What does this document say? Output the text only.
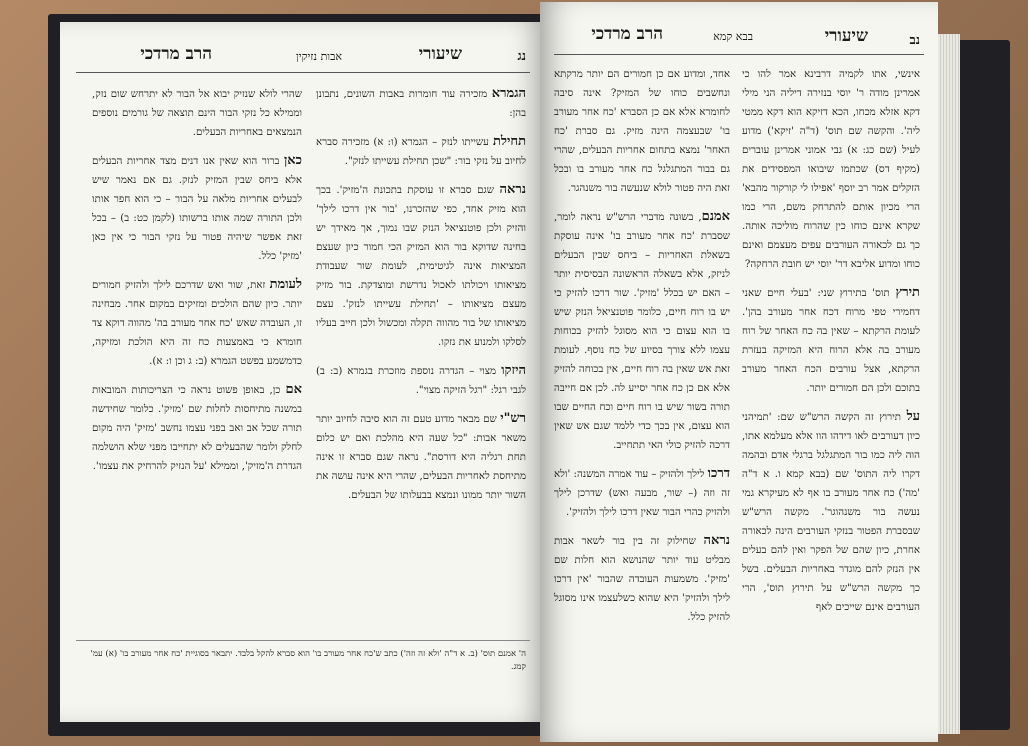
נג
שיעורי
אבות נזיקין
הרב מרדכי

הגמרא מזכירה עוד חומרות באבות השונים, נתבונן בהן:

תחילת עשייתו לנזק – הגמרא (ו: א) מזכירה סברא לחיוב על נזקי בור: "שכן תחילת עשייתו לנזק".

נראה שגם סברא זו עוסקת בתכונת ה'מזיק'. בכך הוא מזיק אחד, כפי שהזכרנו, 'בור אין דרכו לילך' והזיק ולכן פוטנציאל הנזק שבו נמוך, אך מאידך יש בחינה שדוקא בור הוא המזיק הכי חמור כיון שעצם המציאות אינה לגיטימית, לעומת שור שעבודת מציאותו ויכולתו לאכול נדרשת ומוצדקת. בור מזיק מעצם מציאותו – 'תחילת עשייתו לנזק'. עצם מציאותו של בור מהווה תקלה ומכשול ולכן חייב בעליו לסלקו ולמנוע את נזקו.

היזקו מצוי – הגדרה נוספת מוזכרת בגמרא (ב: ב) לגבי רגל: "רגל הזיקה מצוי".

רש"י שם מבאר מדוע טעם זה הוא סיבה לחיוב יותר משאר אבות: "כל שעה היא מהלכת ואם יש כלום תחת רגליה היא דורסת". נראה שגם סברא זו אינה מתיחסת לאחריות הבעלים, שהרי היא אינה עושה את השור יותר ממונו ונמצא בבעלותו של הבעלים.

שהרי לולא שנזיק יבוא אל הבור לא יתרחש שום נזק, וממילא כל נזקי הבור הינם תוצאה של גורמים נוספים הנמצאים באחריות הבעלים.

כאן ברור הוא שאין אנו דנים מצד אחריות הבעלים אלא ביחס שבין המזיק לנזק. גם אם נאמר שיש לבעלים אחריות מלאה על הבור – כי הוא חפר אותו ולכן התורה שמה אותו ברשותו (לקמן כט: ב) – בכל זאת אפשר שיהיה פטור על נזקי הבור כי אין כאן 'מזיק' כלל.

לעומת זאת, שור ואש שדרכם לילך ולהזיק חמורים יותר. כיון שהם הולכים ומזיקים במקום אחר. מבחינה זו, העובדה שאש 'כח אחר מעורב בה' מהווה דוקא צד חומרא כי באמצעות כח זה היא הולכת ומזיקה, כדמשמע בפשט הגמרא (ב: ג וכן ו: א).

אם כן, באופן פשוט נראה כי הצריכותות המובאות במשנה מתיחסות לחלות שם 'מזיק'. כלומר שחידשה תורה שכל אב ואב בפני עצמו נחשב 'מזיק' היה מקום לחלק ולומר שהבעלים לא יתחייבו מפני שלא הושלמה הגדרת ה'מזיק', וממילא 'על הנזיק להרחיק את עצמו'.

ה' אמנם תוס' (ב. א ד"ה 'ולא זה וזה') כתב ש'כח אחר מעורב בו' הוא סברא להקל בלבד. יתבאר בסוגיית 'כח אחר מעורב בו' (א) עמ' קמג.
נב
שיעורי
בבא קמא
הרב מרדכי

אינשי, אתו לקמיה דרבינא אמר להו כי אמרינן מודה ר' יוסי בנזירה דיליה הני מילי דקא אזלא מכחו, הכא דזיקא הוא דקא ממטי ליה'. והקשה שם תוס' (ד"ה 'זיקא') מדוע לעיל (שם כג: א) גבי אמוני אמרינן עוברים (מקיף דס) שכתמו שיבואו המפסידים את הזקלים אמר רב יוסף 'אפילו לי קורקור מהבא' הרי מכיון אותם להתרחק משם, הרי כמו שקרא אינם כוחו כין שהרוח מוליכה אותה. כך גם לכאורה העורבים עפים מעצמם ואינם כוחו ומדוע אליבא דר' יוסי יש חובת הרחקה?

תירץ תוס' בתירוץ שני: 'בעלי חיים שאני דחמירי טפי מרוח דכח אחר מעורב בהן'. לעומת הרקתא – שאין בה כח האחר של רוח מעורב בה אלא הרוח היא המזיקה בעזרת הרקתא, אצל עורבים הכח האחר מעורב בתוכם ולכן הם חמורים יותר.

על תירוץ זה הקשה הרש"ש שם: 'תמיהני כיון דעורבים לאו דידהו הוו אלא מעלמא אתו, הוה ליה כמו בור המתגלגל ברגלי אדם ובהמה דקרו ליה התוס' שם (בבא קמא ו. א ד"ה 'מה') כח אחר מעורב בו אף לא מעיקרא גמי נעשה בור משנהוגר'. מקשה הרש"ש שבסברת הפטור בנזקי העורבים הינה לכאורה אחרת, כיון שהם של הפקר ואין להם בעלים אין הנזק להם מוגדר באחריות הבעלים. בשל כך מקשה הרש"ש על תירוץ תוס', הרי העורבים אינם שייכים לאף

אחד, ומדוע אם כן חמורים הם יותר מרקתא ונחשבים כוחו של המזיק? אינה סיבה לחומרא אלא אם כן הסברא 'כח אחר מעורב בו' שבעצמה הינה מזיק. גם סברת 'כח האחר' נמצא בתחום אחריות הבעלים, שהרי גם בבור המתגלגל כח אחר מעורב בו ובכל זאת היה פטור לולא שנעשה בור משנהגר.

אמנם, בשונה מדברי הרש"ש נראה לומר, שסברת 'כח אחר מעורב בו' אינה עוסקת בשאלת האחריות – ביחס שבין הבעלים לניזק, אלא בשאלה הראשונה הבסיסית יותר – האם יש בכלל 'מזיק'. שור דרכו להזיק כי יש בו רוח חיים, כלומר פוטנציאל הנזק שיש בו הוא עצום כי הוא מסוגל להזיק בכוחות עצמו ללא צורך בסיוע של כח נוסף. לעומת זאת אש שאין בה רוח חיים, אין בכוחה להזיק אלא אם כן כח אחר יסייע לה. לכן אם חייבה תורה בשור שיש בו רוח חיים וכח החיים שבו הוא עצום, אין בכך כדי ללמד שגם אש שאין דרכה להזיק כולי האי תתחייב.

דרכו לילך ולהזיק – עוד אמרה המשנה: 'ולא זה וזה (– שור, מבעה ואש) שדרכן לילך ולהזיק כהרי הבור שאין דרכו לילך ולהזיק'.

נראה שחילוק זה בין בור לשאר אבות מבליט עוד יותר שהנושא הוא חלות שם 'מזיק'. משמעות העובדה שהבור 'אין דרכו לילך ולהזיק' היא שהוא כשלעצמו אינו מסוגל להזיק כלל.
